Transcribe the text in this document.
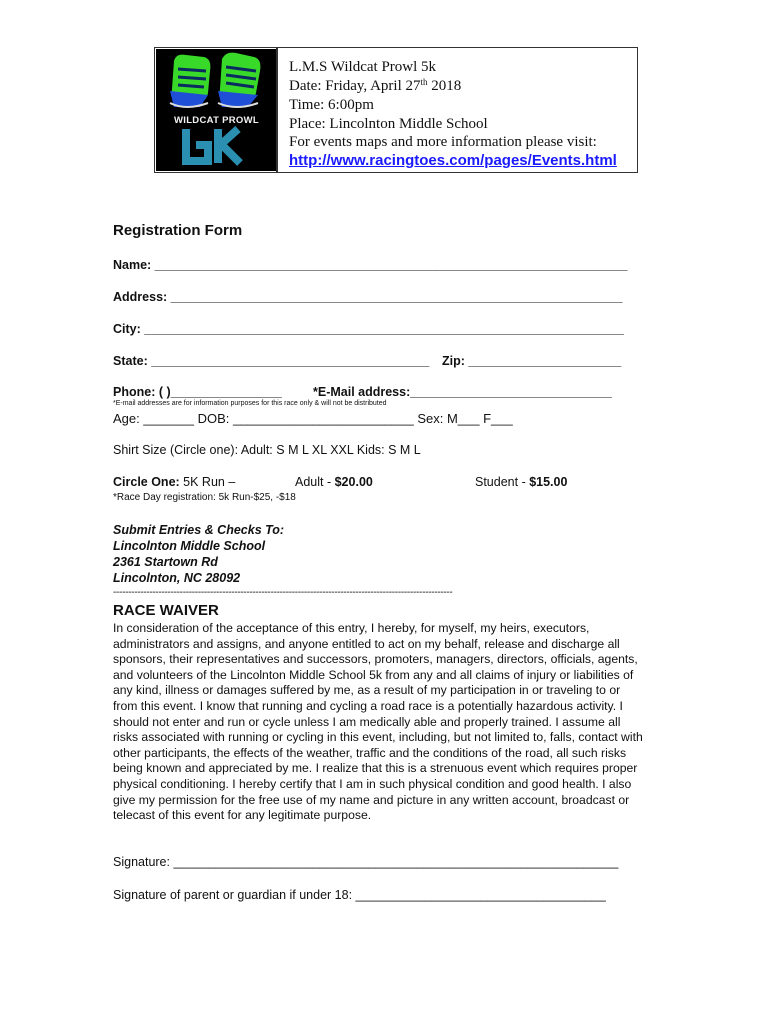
WILDCAT PROWL
L.M.S Wildcat Prowl 5k
Date: Friday, April 27th 2018
Time: 6:00pm
Place: Lincolnton Middle School
For events maps and more information please visit:
http://www.racingtoes.com/pages/Events.html
Registration Form
Name: ____________________________________________________________________
Address: _________________________________________________________________
City: _____________________________________________________________________
State: ________________________________________ Zip: ______________________
Phone: ( )________________ *E-Mail address:_____________________________
*E-mail addresses are for information purposes for this race only & will not be distributed
Age: _______ DOB: _________________________ Sex: M___ F___
Shirt Size (Circle one): Adult: S M L XL XXL Kids: S M L
Circle One: 5K Run –	Adult - $20.00	Student - $15.00
*Race Day registration: 5k Run-$25, -$18
Submit Entries & Checks To:
Lincolnton Middle School
2361 Startown Rd
Lincolnton, NC 28092
----------------------------------------------------------------------------------------------------------------
RACE WAIVER
In consideration of the acceptance of this entry, I hereby, for myself, my heirs, executors, administrators and assigns, and anyone entitled to act on my behalf, release and discharge all sponsors, their representatives and successors, promoters, managers, directors, officials, agents, and volunteers of the Lincolnton Middle School 5k from any and all claims of injury or liabilities of any kind, illness or damages suffered by me, as a result of my participation in or traveling to or from this event. I know that running and cycling a road race is a potentially hazardous activity. I should not enter and run or cycle unless I am medically able and properly trained. I assume all risks associated with running or cycling in this event, including, but not limited to, falls, contact with other participants, the effects of the weather, traffic and the conditions of the road, all such risks being known and appreciated by me. I realize that this is a strenuous event which requires proper physical conditioning. I hereby certify that I am in such physical condition and good health. I also give my permission for the free use of my name and picture in any written account, broadcast or telecast of this event for any legitimate purpose.
Signature: ________________________________________________________________
Signature of parent or guardian if under 18: ____________________________________
